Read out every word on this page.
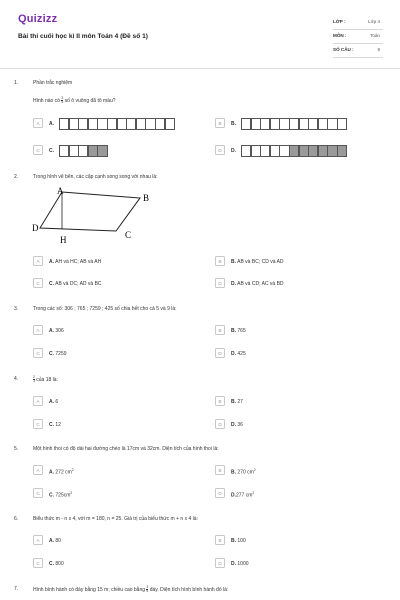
Quizizz
Bài thi cuối học kì II môn Toán 4 (Đề số 1)
LỚP :	Lớp 4
MÔN :	Toán
SỐ CÂU :	9
1.	Phần trắc nghiệm
Hình nào có $\frac{3}{5}$ số ô vuông đã tô màu?
A	A.	B	B.
C	C.	D	D.
2.	Trong hình vẽ bên, các cặp cạnh song song với nhau là:
A
B
C
D
H
A	A. AH và HC; AB và AH	B	B. AB và BC; CD và AD
C	C. AB và DC; AD và BC	D	D. AB và CD; AC và BD
3.	Trong các số: 306 ; 765 ; 7259 ; 425 số chia hết cho cả 5 và 9 là:
A	A. 306	B	B. 765
C	C. 7259	D	D. 425
4.	$\frac{2}{3}$ của 18 là:
A	A. 6	B	B. 27
C	C. 12	D	D. 36
5.	Một hình thoi có độ dài hai đường chéo là 17cm và 32cm. Diện tích của hình thoi là:
A	A. 272 $cm^2$	B	B. 270 $cm^2$
C	C. $725cm^2$	D	D.277 $cm^2$
6.	Biểu thức m - n x 4, với m = 180, n = 25. Giá trị của biểu thức m + n x 4 là:
A	A. 80	B	B. 100
C	C. 800	D	D. 1000
7.	Hình bình hành có đáy bằng 15 m; chiều cao bằng $\frac{3}{5}$ đáy. Diện tích hình bình hành đó là:
